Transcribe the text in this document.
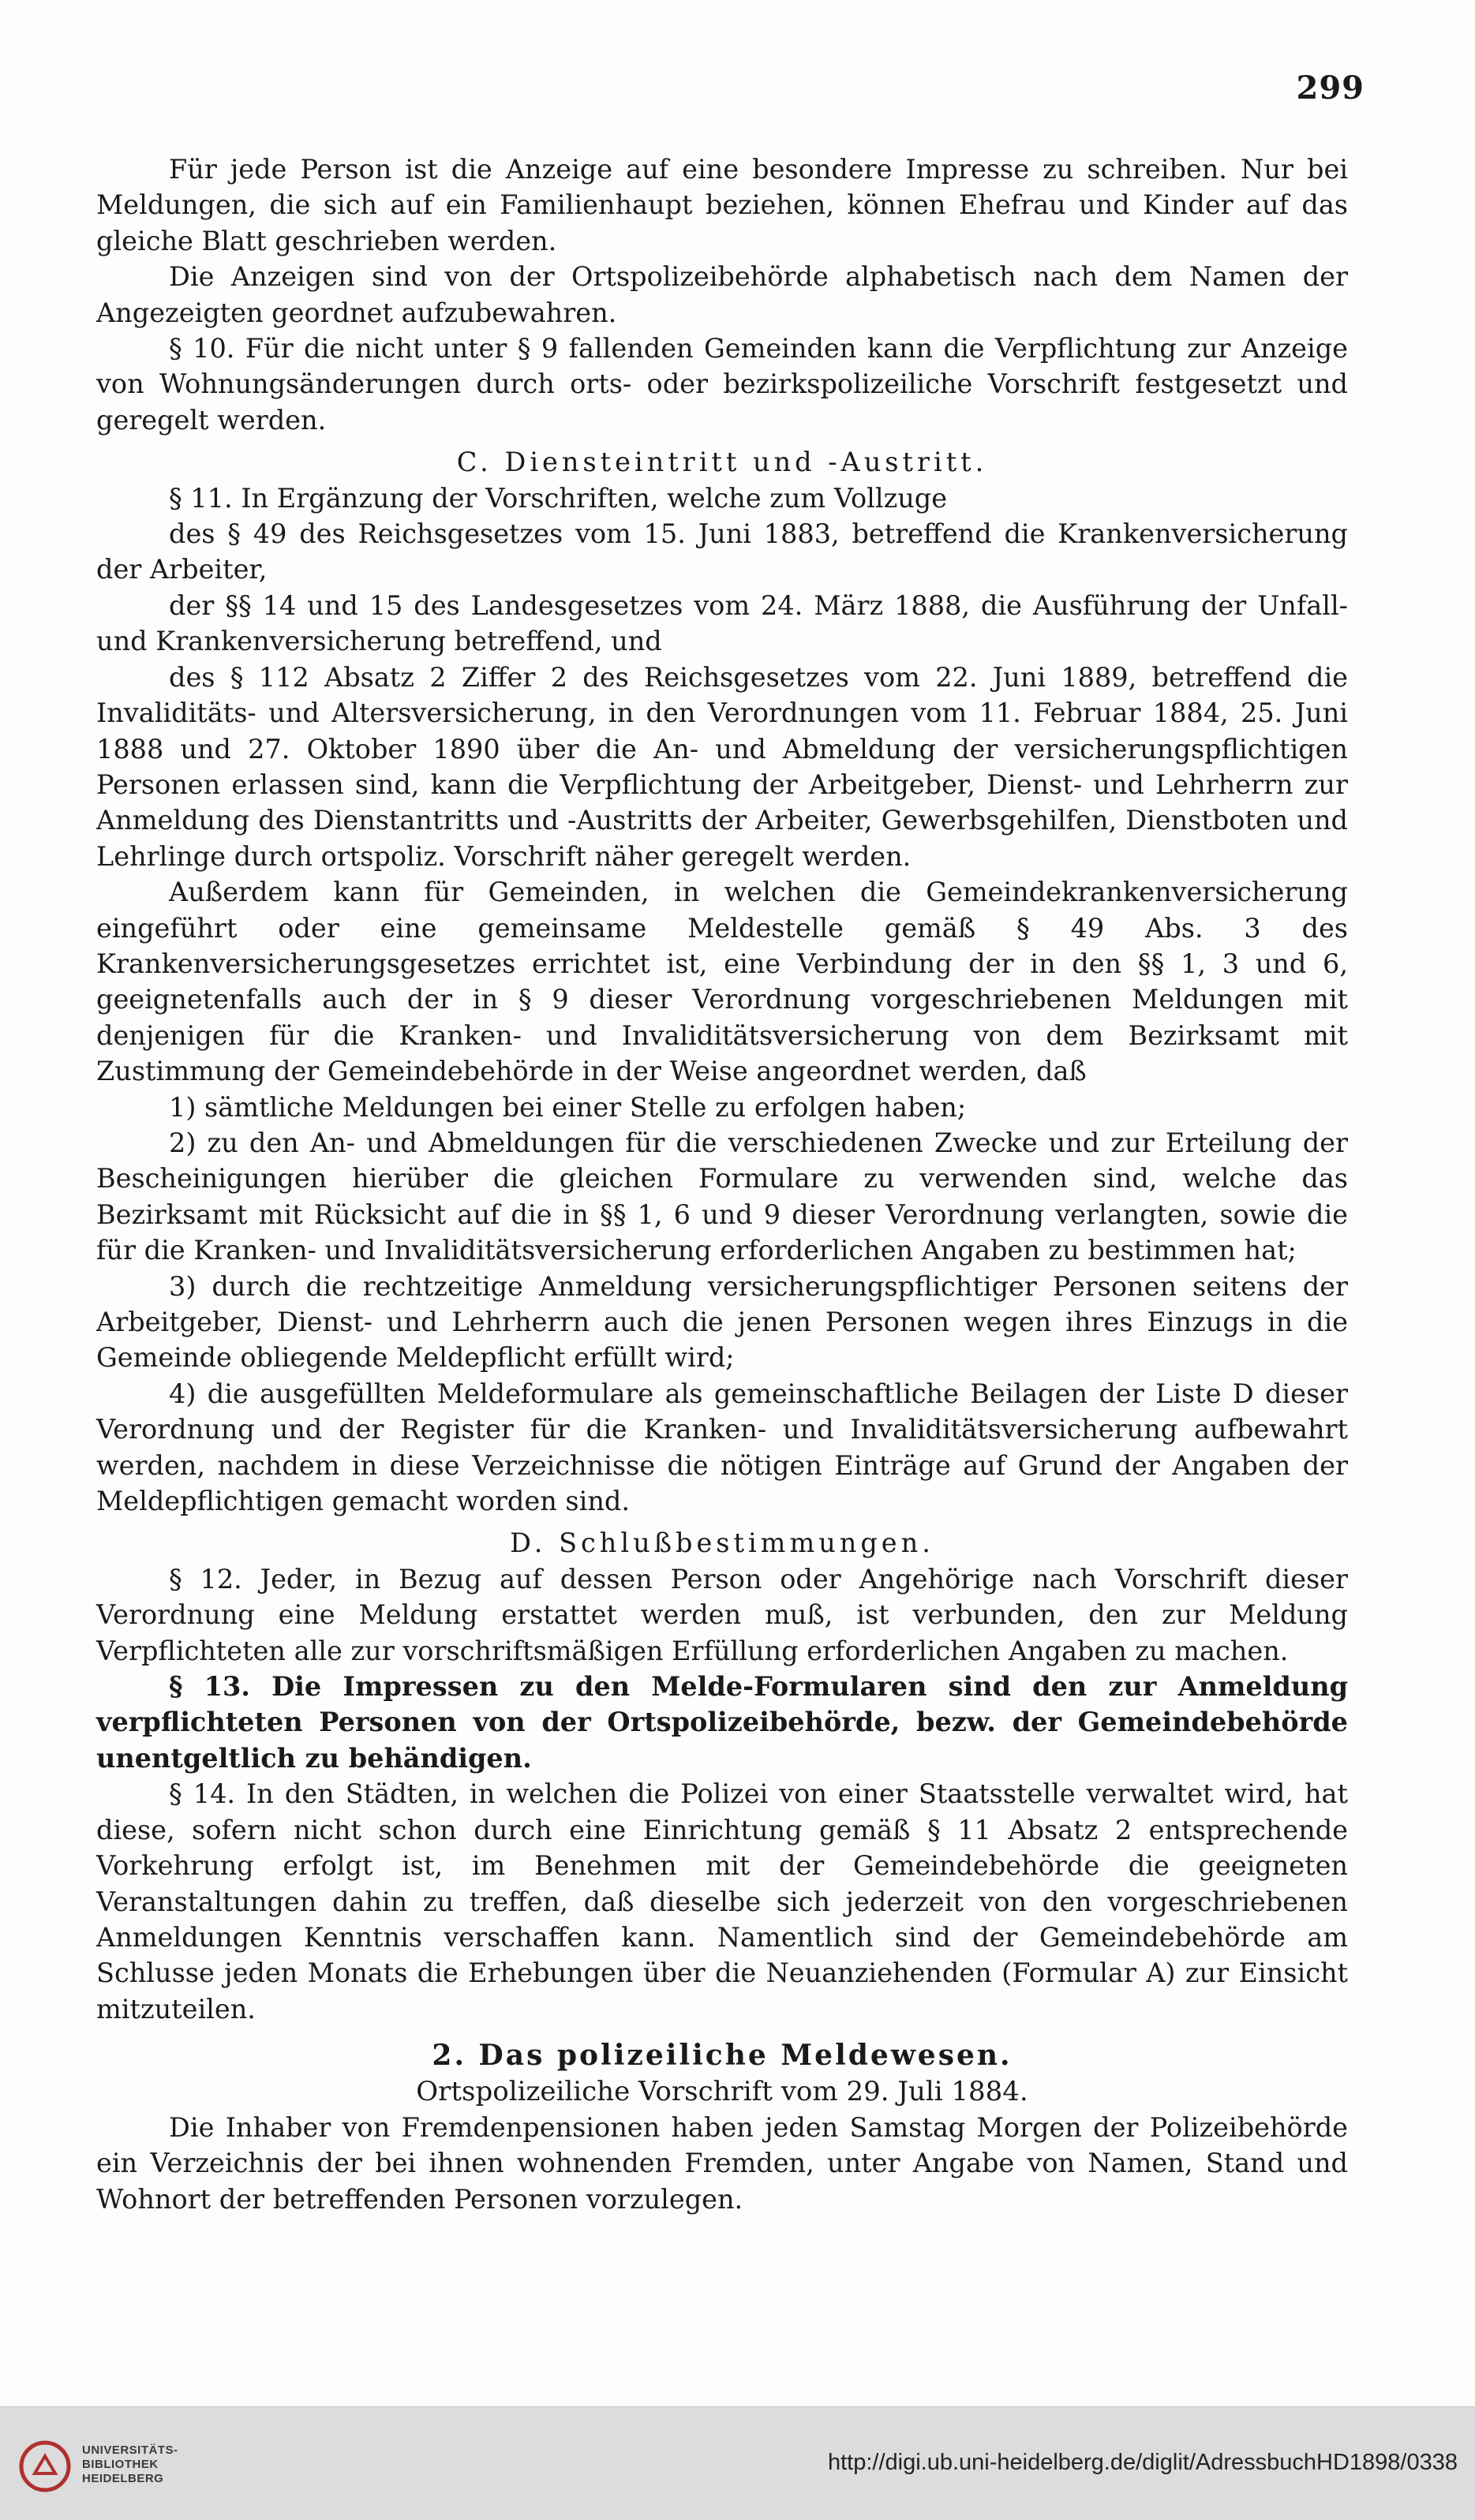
299

Für jede Person ist die Anzeige auf eine besondere Impresse zu schreiben. Nur bei Meldungen, die sich auf ein Familienhaupt beziehen, können Ehefrau und Kinder auf das gleiche Blatt geschrieben werden.

Die Anzeigen sind von der Ortspolizeibehörde alphabetisch nach dem Namen der Angezeigten geordnet aufzubewahren.

§ 10. Für die nicht unter § 9 fallenden Gemeinden kann die Verpflichtung zur Anzeige von Wohnungsänderungen durch orts- oder bezirkspolizeiliche Vorschrift festgesetzt und geregelt werden.

C. Diensteintritt und -Austritt.

§ 11. In Ergänzung der Vorschriften, welche zum Vollzuge

des § 49 des Reichsgesetzes vom 15. Juni 1883, betreffend die Krankenversicherung der Arbeiter,

der §§ 14 und 15 des Landesgesetzes vom 24. März 1888, die Ausführung der Unfall- und Krankenversicherung betreffend, und

des § 112 Absatz 2 Ziffer 2 des Reichsgesetzes vom 22. Juni 1889, betreffend die Invaliditäts- und Altersversicherung, in den Verordnungen vom 11. Februar 1884, 25. Juni 1888 und 27. Oktober 1890 über die An- und Abmeldung der versicherungspflichtigen Personen erlassen sind, kann die Verpflichtung der Arbeitgeber, Dienst- und Lehrherrn zur Anmeldung des Dienstantritts und -Austritts der Arbeiter, Gewerbsgehilfen, Dienstboten und Lehrlinge durch ortspoliz. Vorschrift näher geregelt werden.

Außerdem kann für Gemeinden, in welchen die Gemeindekrankenversicherung eingeführt oder eine gemeinsame Meldestelle gemäß § 49 Abs. 3 des Krankenversicherungsgesetzes errichtet ist, eine Verbindung der in den §§ 1, 3 und 6, geeignetenfalls auch der in § 9 dieser Verordnung vorgeschriebenen Meldungen mit denjenigen für die Kranken- und Invaliditätsversicherung von dem Bezirksamt mit Zustimmung der Gemeindebehörde in der Weise angeordnet werden, daß

1) sämtliche Meldungen bei einer Stelle zu erfolgen haben;

2) zu den An- und Abmeldungen für die verschiedenen Zwecke und zur Erteilung der Bescheinigungen hierüber die gleichen Formulare zu verwenden sind, welche das Bezirksamt mit Rücksicht auf die in §§ 1, 6 und 9 dieser Verordnung verlangten, sowie die für die Kranken- und Invaliditätsversicherung erforderlichen Angaben zu bestimmen hat;

3) durch die rechtzeitige Anmeldung versicherungspflichtiger Personen seitens der Arbeitgeber, Dienst- und Lehrherrn auch die jenen Personen wegen ihres Einzugs in die Gemeinde obliegende Meldepflicht erfüllt wird;

4) die ausgefüllten Meldeformulare als gemeinschaftliche Beilagen der Liste D dieser Verordnung und der Register für die Kranken- und Invaliditätsversicherung aufbewahrt werden, nachdem in diese Verzeichnisse die nötigen Einträge auf Grund der Angaben der Meldepflichtigen gemacht worden sind.

D. Schlußbestimmungen.

§ 12. Jeder, in Bezug auf dessen Person oder Angehörige nach Vorschrift dieser Verordnung eine Meldung erstattet werden muß, ist verbunden, den zur Meldung Verpflichteten alle zur vorschriftsmäßigen Erfüllung erforderlichen Angaben zu machen.

§ 13. Die Impressen zu den Melde-Formularen sind den zur Anmeldung verpflichteten Personen von der Ortspolizeibehörde, bezw. der Gemeindebehörde unentgeltlich zu behändigen.

§ 14. In den Städten, in welchen die Polizei von einer Staatsstelle verwaltet wird, hat diese, sofern nicht schon durch eine Einrichtung gemäß § 11 Absatz 2 entsprechende Vorkehrung erfolgt ist, im Benehmen mit der Gemeindebehörde die geeigneten Veranstaltungen dahin zu treffen, daß dieselbe sich jederzeit von den vorgeschriebenen Anmeldungen Kenntnis verschaffen kann. Namentlich sind der Gemeindebehörde am Schlusse jeden Monats die Erhebungen über die Neuanziehenden (Formular A) zur Einsicht mitzuteilen.

2. Das polizeiliche Meldewesen.

Ortspolizeiliche Vorschrift vom 29. Juli 1884.

Die Inhaber von Fremdenpensionen haben jeden Samstag Morgen der Polizeibehörde ein Verzeichnis der bei ihnen wohnenden Fremden, unter Angabe von Namen, Stand und Wohnort der betreffenden Personen vorzulegen.

UNIVERSITÄTS-
BIBLIOTHEK
HEIDELBERG
http://digi.ub.uni-heidelberg.de/diglit/AdressbuchHD1898/0338
